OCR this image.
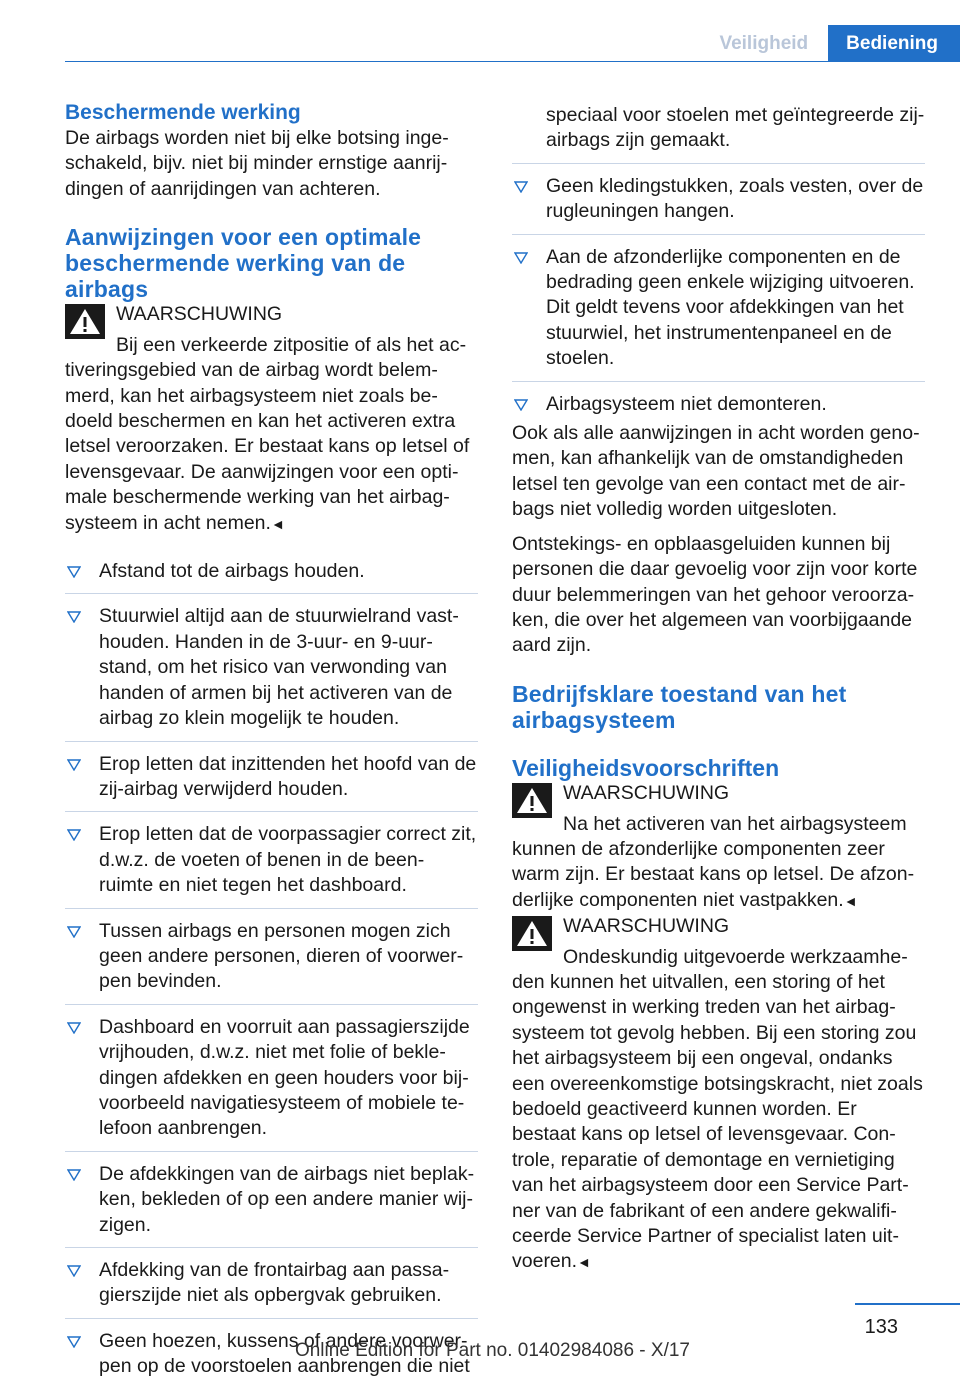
Veiligheid	Bediening
Beschermende werking

De airbags worden niet bij elke botsing inge-schakeld, bijv. niet bij minder ernstige aanrij-dingen of aanrijdingen van achteren.

Aanwijzingen voor een optimale beschermende werking van de airbags
WAARSCHUWING
Bij een verkeerde zitpositie of als het ac-

tiveringsgebied van de airbag wordt belem-merd, kan het airbagsysteem niet zoals be-doeld beschermen en kan het activeren extra letsel veroorzaken. Er bestaat kans op letsel of levensgevaar. De aanwijzingen voor een opti-male beschermende werking van het airbag-systeem in acht nemen.◄

Afstand tot de airbags houden.
Stuurwiel altijd aan de stuurwielrand vast-houden. Handen in de 3-uur- en 9-uur-stand, om het risico van verwonding van handen of armen bij het activeren van de airbag zo klein mogelijk te houden.
Erop letten dat inzittenden het hoofd van de zij-airbag verwijderd houden.
Erop letten dat de voorpassagier correct zit, d.w.z. de voeten of benen in de been-ruimte en niet tegen het dashboard.
Tussen airbags en personen mogen zich geen andere personen, dieren of voorwer-pen bevinden.
Dashboard en voorruit aan passagierszijde vrijhouden, d.w.z. niet met folie of bekle-dingen afdekken en geen houders voor bij-voorbeeld navigatiesysteem of mobiele te-lefoon aanbrengen.
De afdekkingen van de airbags niet beplak-ken, bekleden of op een andere manier wij-zigen.
Afdekking van de frontairbag aan passa-gierszijde niet als opbergvak gebruiken.
Geen hoezen, kussens of andere voorwer-pen op de voorstoelen aanbrengen die niet
speciaal voor stoelen met geïntegreerde zij-airbags zijn gemaakt.
Geen kledingstukken, zoals vesten, over de rugleuningen hangen.
Aan de afzonderlijke componenten en de bedrading geen enkele wijziging uitvoeren. Dit geldt tevens voor afdekkingen van het stuurwiel, het instrumentenpaneel en de stoelen.
Airbagsysteem niet demonteren.

Ook als alle aanwijzingen in acht worden geno-men, kan afhankelijk van de omstandigheden letsel ten gevolge van een contact met de air-bags niet volledig worden uitgesloten.

Ontstekings- en opblaasgeluiden kunnen bij personen die daar gevoelig voor zijn voor korte duur belemmeringen van het gehoor veroorza-ken, die over het algemeen van voorbijgaande aard zijn.

Bedrijfsklare toestand van het airbagsysteem
Veiligheidsvoorschriften
WAARSCHUWING
Na het activeren van het airbagsysteem

kunnen de afzonderlijke componenten zeer warm zijn. Er bestaat kans op letsel. De afzon-derlijke componenten niet vastpakken.◄

WAARSCHUWING
Ondeskundig uitgevoerde werkzaamhe-

den kunnen het uitvallen, een storing of het ongewenst in werking treden van het airbag-systeem tot gevolg hebben. Bij een storing zou het airbagsysteem bij een ongeval, ondanks een overeenkomstige botsingskracht, niet zoals bedoeld geactiveerd kunnen worden. Er bestaat kans op letsel of levensgevaar. Con-trole, reparatie of demontage en vernietiging van het airbagsysteem door een Service Part-ner van de fabrikant of een andere gekwalifi-ceerde Service Partner of specialist laten uit-voeren.◄

133
Online Edition for Part no. 01402984086 - X/17
